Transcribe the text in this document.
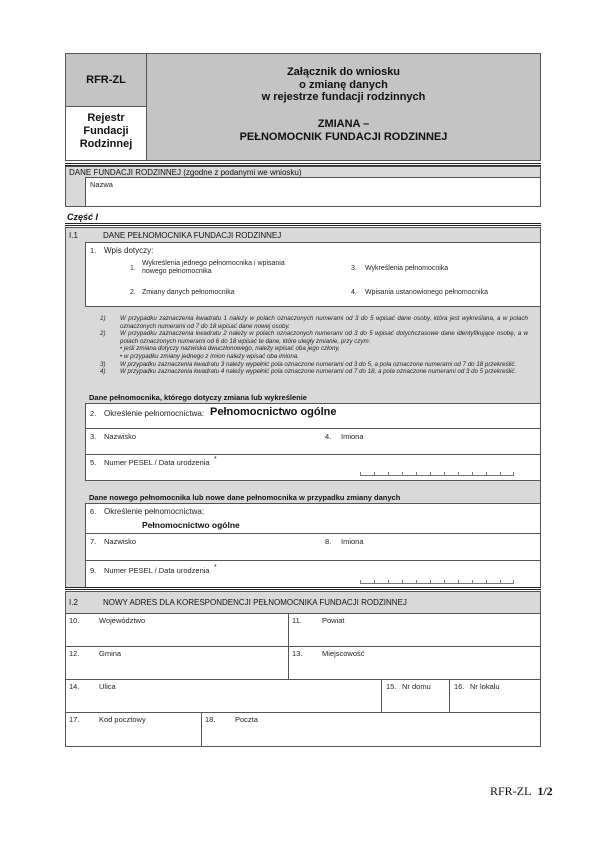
RFR-ZL
Rejestr
Fundacji
Rodzinnej
Załącznik do wniosku
o zmianę danych
w rejestrze fundacji rodzinnych
ZMIANA –
PEŁNOMOCNIK FUNDACJI RODZINNEJ
DANE FUNDACJI RODZINNEJ (zgodne z podanymi we wniosku)
Nazwa
Część I
I.1	DANE PEŁNOMOCNIKA FUNDACJI RODZINNEJ
1. Wpis dotyczy:
1.
Wykreślenia jednego pełnomocnika i wpisania
nowego pełnomocnika
2. Zmiany danych pełnomocnika
3. Wykreślenia pełnomocnika
4. Wpisania ustanowionego pełnomocnika
1)	W przypadku zaznaczenia kwadratu 1 należy w polach oznaczonych numerami od 3 do 5 wpisać dane osoby, która jest wykreślana, a w polach oznaczonych numerami od 7 do 18 wpisać dane nowej osoby.
2)	W przypadku zaznaczenia kwadratu 2 należy w polach oznaczonych numerami od 3 do 5 wpisać dotychczasowe dane identyfikujące osobę, a w polach oznaczonych numerami od 6 do 18 wpisać te dane, które uległy zmianie, przy czym:
• jeśli zmiana dotyczy nazwiska dwuczłonowego, należy wpisać oba jego człony,
• w przypadku zmiany jednego z imion należy wpisać oba imiona.
3)	W przypadku zaznaczenia kwadratu 3 należy wypełnić pola oznaczone numerami od 3 do 5, a pola oznaczone numerami od 7 do 18 przekreślić.
4)	W przypadku zaznaczenia kwadratu 4 należy wypełnić pola oznaczone numerami od 7 do 18, a pola oznaczone numerami od 3 do 5 przekreślić.
Dane pełnomocnika, którego dotyczy zmiana lub wykreślenie
2. Określenie pełnomocnictwa: Pełnomocnictwo ogólne
3. Nazwisko	4. Imiona
5. Numer PESEL / Data urodzenia *
Dane nowego pełnomocnika lub nowe dane pełnomocnika w przypadku zmiany danych
6. Określenie pełnomocnictwa:
Pełnomocnictwo ogólne
7. Nazwisko	8. Imiona
9. Numer PESEL / Data urodzenia *
I.2	NOWY ADRES DLA KORESPONDENCJI PEŁNOMOCNIKA FUNDACJI RODZINNEJ
10.	Województwo	11.	Powiat
12.	Gmina	13.	Miejscowość
14.	Ulica	15. Nr domu	16. Nr lokalu
17.	Kod pocztowy	18.	Poczta
RFR-ZL 1/2
